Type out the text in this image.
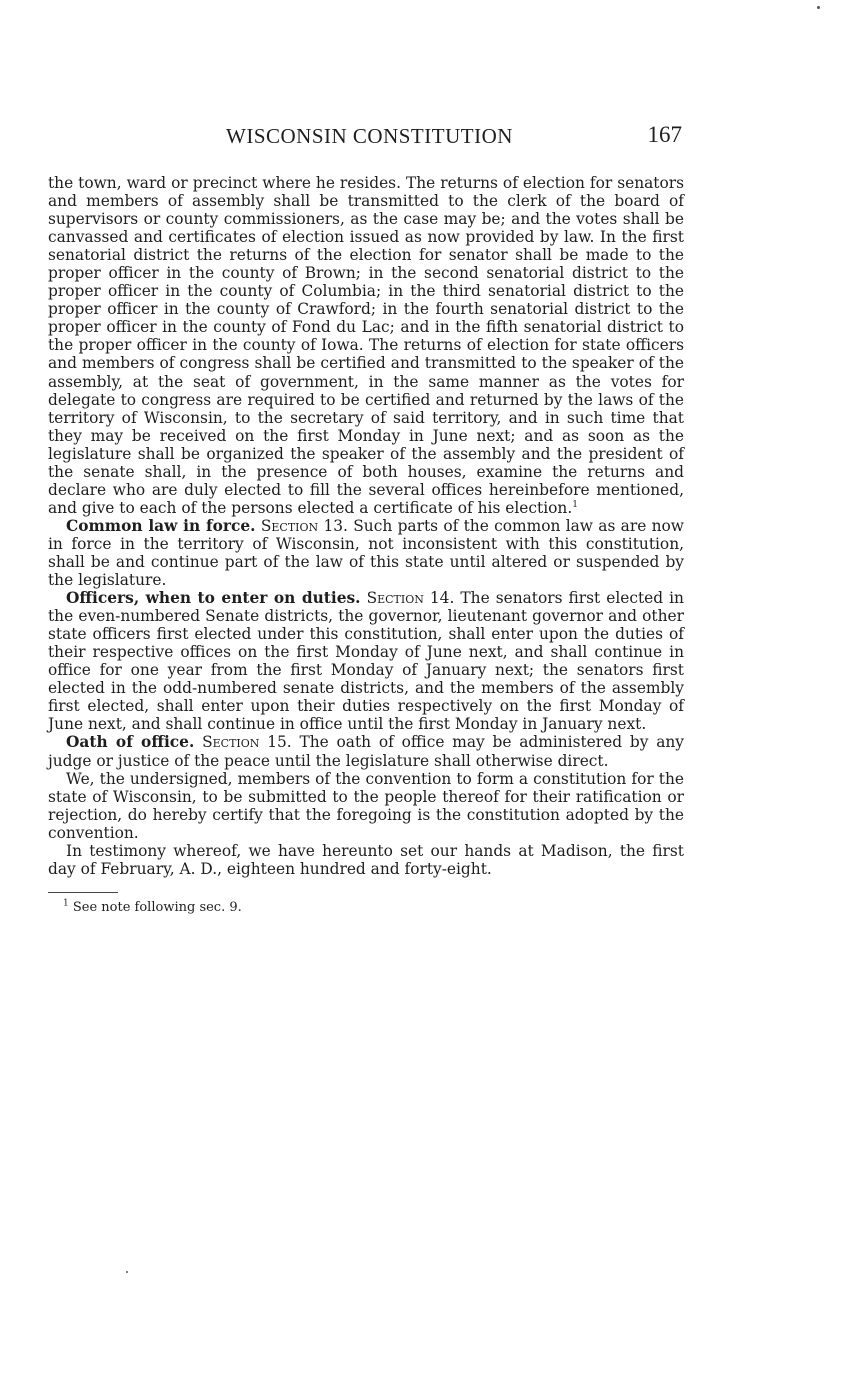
WISCONSIN CONSTITUTION	167

the town, ward or precinct where he resides. The returns of election for senators and members of assembly shall be transmitted to the clerk of the board of supervisors or county commissioners, as the case may be; and the votes shall be canvassed and certificates of election issued as now provided by law. In the first senatorial district the returns of the election for senator shall be made to the proper officer in the county of Brown; in the second senatorial district to the proper officer in the county of Columbia; in the third senatorial district to the proper officer in the county of Crawford; in the fourth senatorial district to the proper officer in the county of Fond du Lac; and in the fifth senatorial district to the proper officer in the county of Iowa. The returns of election for state officers and members of congress shall be certified and transmitted to the speaker of the assembly, at the seat of government, in the same manner as the votes for delegate to congress are required to be certified and returned by the laws of the territory of Wisconsin, to the secretary of said territory, and in such time that they may be received on the first Monday in June next; and as soon as the legislature shall be organized the speaker of the assembly and the president of the senate shall, in the presence of both houses, examine the returns and declare who are duly elected to fill the several offices hereinbefore mentioned, and give to each of the persons elected a certificate of his election.$^1$

Common law in force. Section 13. Such parts of the common law as are now in force in the territory of Wisconsin, not inconsistent with this constitution, shall be and continue part of the law of this state until altered or suspended by the legislature.

Officers, when to enter on duties. Section 14. The senators first elected in the even-numbered Senate districts, the governor, lieutenant governor and other state officers first elected under this constitution, shall enter upon the duties of their respective offices on the first Monday of June next, and shall continue in office for one year from the first Monday of January next; the senators first elected in the odd-numbered senate districts, and the members of the assembly first elected, shall enter upon their duties respectively on the first Monday of June next, and shall continue in office until the first Monday in January next.

Oath of office. Section 15. The oath of office may be administered by any judge or justice of the peace until the legislature shall otherwise direct.

We, the undersigned, members of the convention to form a constitution for the state of Wisconsin, to be submitted to the people thereof for their ratification or rejection, do hereby certify that the foregoing is the constitution adopted by the convention.

In testimony whereof, we have hereunto set our hands at Madison, the first day of February, A. D., eighteen hundred and forty-eight.

$^1$ See note following sec. 9.
